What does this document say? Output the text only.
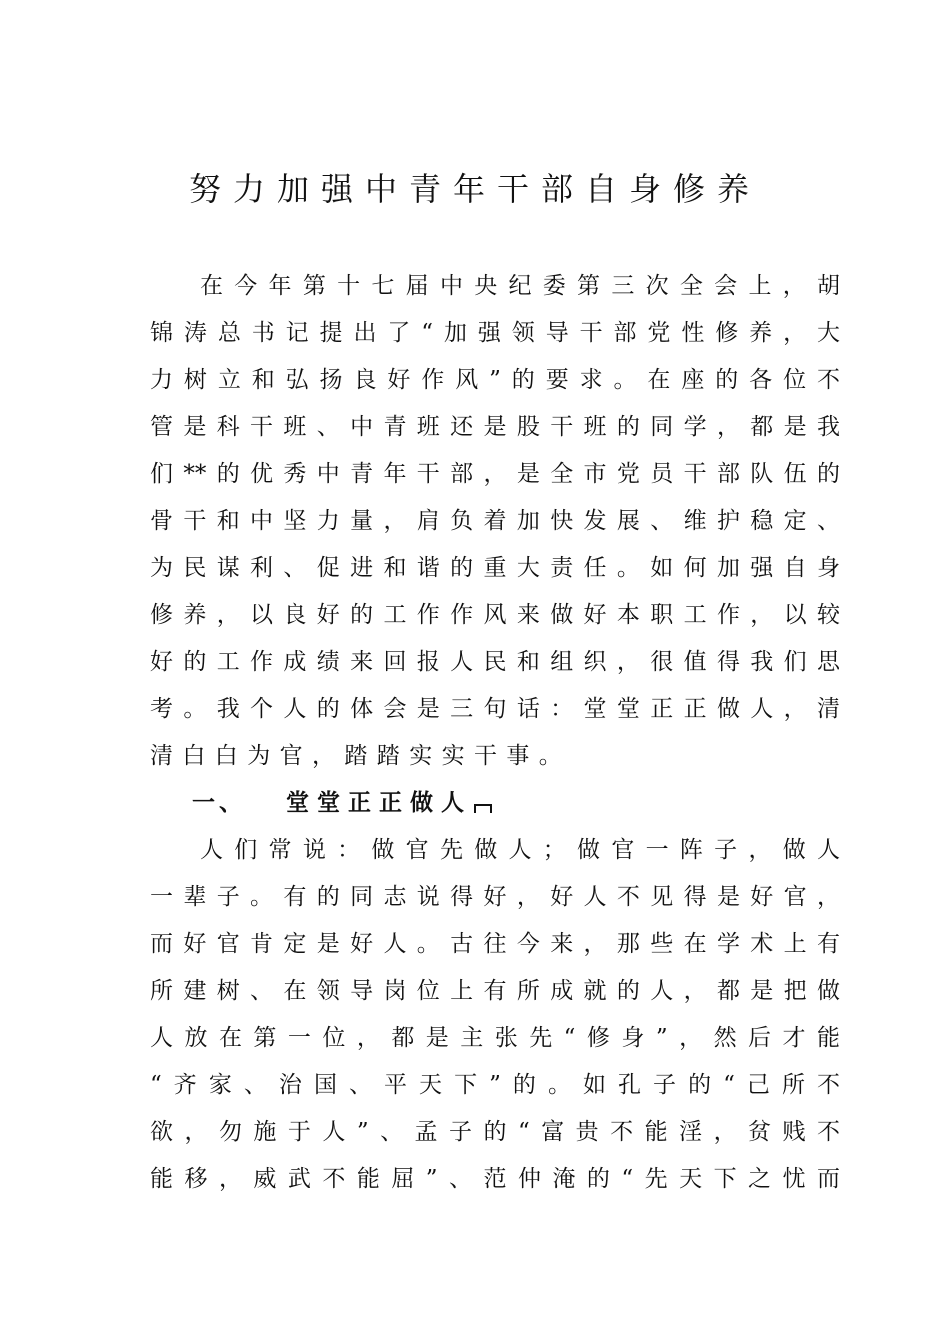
努力加强中青年干部自身修养
在今年第十七届中央纪委第三次全会上，胡
锦涛总书记提出了“加强领导干部党性修养，大
力树立和弘扬良好作风”的要求。在座的各位不
管是科干班、中青班还是股干班的同学，都是我
们**的优秀中青年干部，是全市党员干部队伍的
骨干和中坚力量，肩负着加快发展、维护稳定、
为民谋利、促进和谐的重大责任。如何加强自身
修养，以良好的工作作风来做好本职工作，以较
好的工作成绩来回报人民和组织，很值得我们思
考。我个人的体会是三句话：堂堂正正做人，清
清白白为官，踏踏实实干事。
一、 堂堂正正做人
人们常说：做官先做人；做官一阵子，做人
一辈子。有的同志说得好，好人不见得是好官，
而好官肯定是好人。古往今来，那些在学术上有
所建树、在领导岗位上有所成就的人，都是把做
人放在第一位，都是主张先“修身”，然后才能
“齐家、治国、平天下”的。如孔子的“己所不
欲，勿施于人”、孟子的“富贵不能淫，贫贱不
能移，威武不能屈”、范仲淹的“先天下之忧而
